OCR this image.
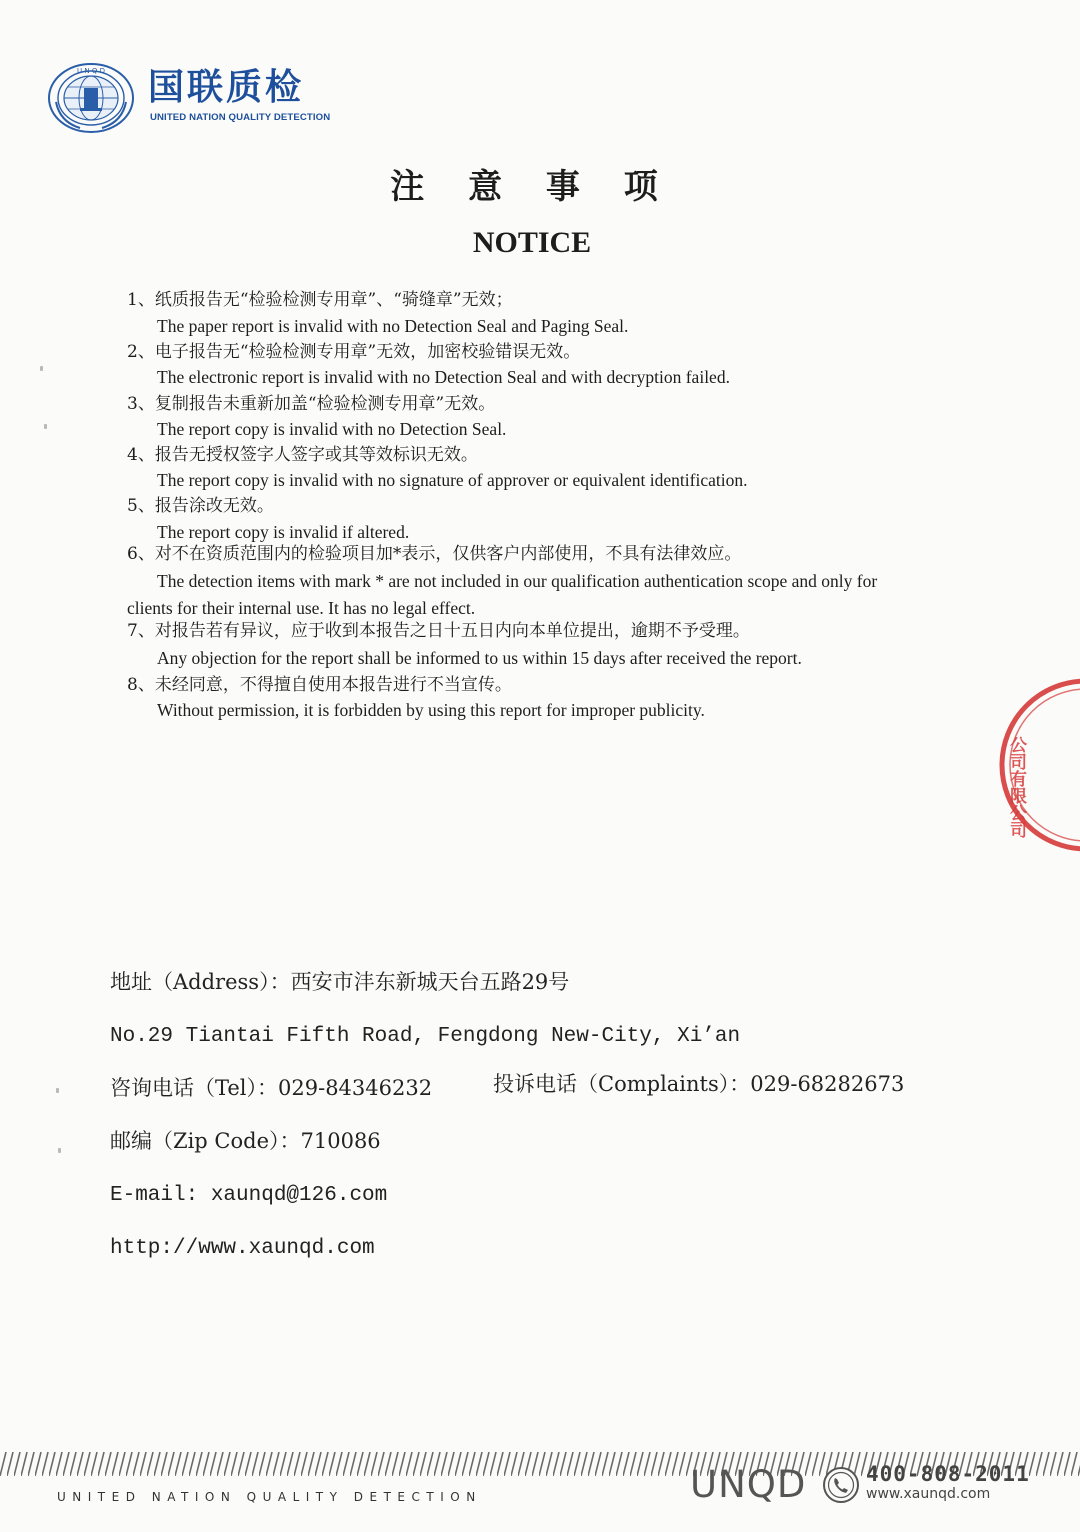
U N Q D 国联质检
UNITED NATION QUALITY DETECTION
注 意 事 项
NOTICE
1、纸质报告无“检验检测专用章”、“骑缝章”无效；
The paper report is invalid with no Detection Seal and Paging Seal.
2、电子报告无“检验检测专用章”无效，加密校验错误无效。
The electronic report is invalid with no Detection Seal and with decryption failed.
3、复制报告未重新加盖“检验检测专用章”无效。
The report copy is invalid with no Detection Seal.
4、报告无授权签字人签字或其等效标识无效。
The report copy is invalid with no signature of approver or equivalent identification.
5、报告涂改无效。
The report copy is invalid if altered.
6、对不在资质范围内的检验项目加*表示，仅供客户内部使用，不具有法律效应。
The detection items with mark * are not included in our qualification authentication scope and only for
clients for their internal use. It has no legal effect.
7、对报告若有异议，应于收到本报告之日十五日内向本单位提出，逾期不予受理。
Any objection for the report shall be informed to us within 15 days after received the report.
8、未经同意，不得擅自使用本报告进行不当宣传。
Without permission, it is forbidden by using this report for improper publicity.
公司有限公司
地址（Address）：西安市沣东新城天台五路29号
No.29 Tiantai Fifth Road, Fengdong New-City, Xi’an
咨询电话（Tel）：029-84346232	投诉电话（Complaints）：029-68282673
邮编（Zip Code）：710086
E-mail: xaunqd@126.com
http://www.xaunqd.com
UNITED NATION QUALITY DETECTION	UNQD	400-808-2011
www.xaunqd.com
